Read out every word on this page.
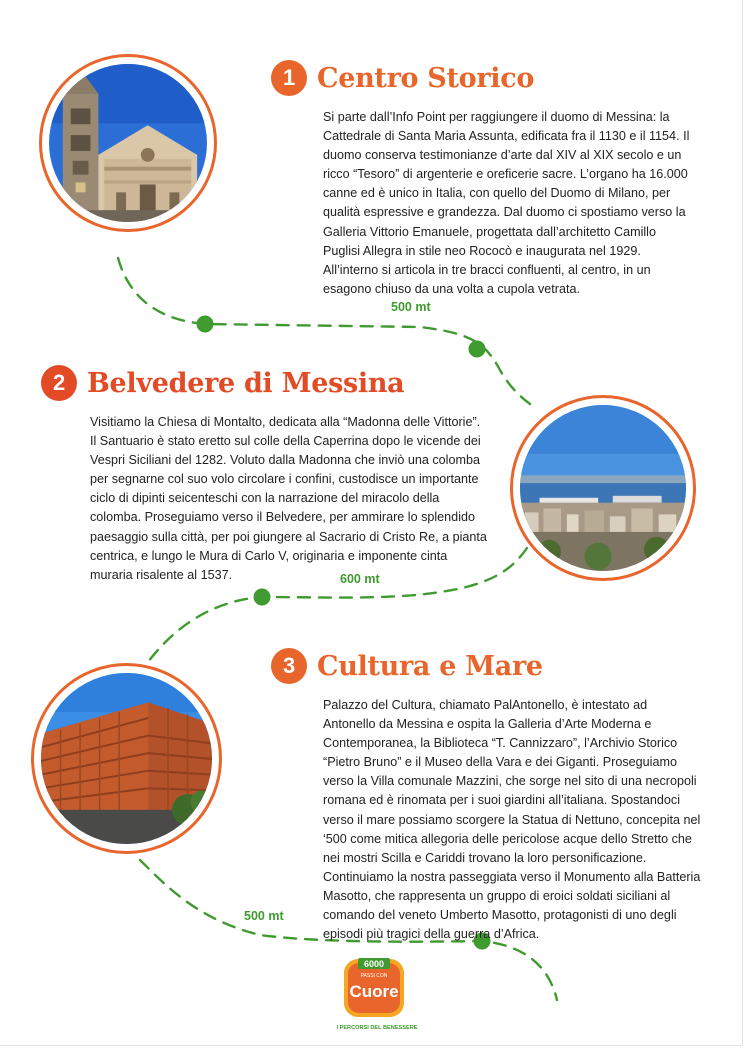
1 Centro Storico
Si parte dall’Info Point per raggiungere il duomo di Messina: la Cattedrale di Santa Maria Assunta, edificata fra il 1130 e il 1154. Il duomo conserva testimonianze d’arte dal XIV al XIX secolo e un ricco “Tesoro” di argenterie e oreficerie sacre. L’organo ha 16.000 canne ed è unico in Italia, con quello del Duomo di Milano, per qualità espressive e grandezza. Dal duomo ci spostiamo verso la Galleria Vittorio Emanuele, progettata dall’architetto Camillo Puglisi Allegra in stile neo Rococò e inaugurata nel 1929. All’interno si articola in tre bracci confluenti, al centro, in un esagono chiuso da una volta a cupola vetrata.
500 mt
2 Belvedere di Messina
Visitiamo la Chiesa di Montalto, dedicata alla “Madonna delle Vittorie”. Il Santuario è stato eretto sul colle della Caperrina dopo le vicende dei Vespri Siciliani del 1282. Voluto dalla Madonna che inviò una colomba per segnarne col suo volo circolare i confini, custodisce un importante ciclo di dipinti seicenteschi con la narrazione del miracolo della colomba. Proseguiamo verso il Belvedere, per ammirare lo splendido paesaggio sulla città, per poi giungere al Sacrario di Cristo Re, a pianta centrica, e lungo le Mura di Carlo V, originaria e imponente cinta muraria risalente al 1537.	600 mt
3 Cultura e Mare
Palazzo del Cultura, chiamato PalAntonello, è intestato ad Antonello da Messina e ospita la Galleria d’Arte Moderna e Contemporanea, la Biblioteca “T. Cannizzaro”, l’Archivio Storico “Pietro Bruno” e il Museo della Vara e dei Giganti. Proseguiamo verso la Villa comunale Mazzini, che sorge nel sito di una necropoli romana ed è rinomata per i suoi giardini all’italiana. Spostandoci verso il mare possiamo scorgere la Statua di Nettuno, concepita nel ‘500 come mitica allegoria delle pericolose acque dello Stretto che nei mostri Scilla e Cariddi trovano la loro personificazione. Continuiamo la nostra passeggiata verso il Monumento alla Batteria Masotto, che rappresenta un gruppo di eroici soldati siciliani al comando del veneto Umberto Masotto, protagonisti di uno degli episodi più tragici della guerra d’Africa.
500 mt
6000
PASSI CON
Cuore
I PERCORSI DEL BENESSERE
